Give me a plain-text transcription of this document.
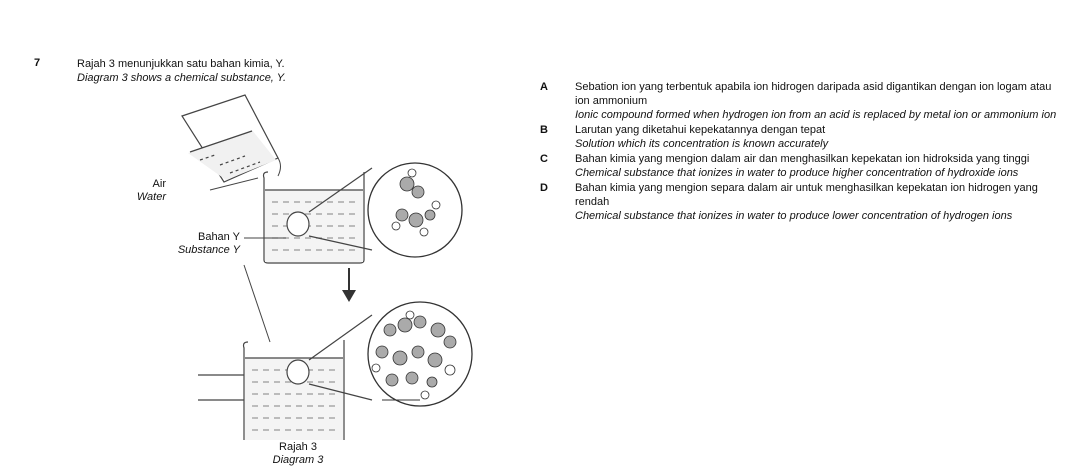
7	Rajah 3 menunjukkan satu bahan kimia, Y.
Diagram 3 shows a chemical substance, Y.
Air
Water
Bahan Y
Substance Y
Rajah 3
Diagram 3
A	Sebation ion yang terbentuk apabila ion hidrogen daripada asid digantikan dengan ion logam atau ion ammonium
Ionic compound formed when hydrogen ion from an acid is replaced by metal ion or ammonium ion
B	Larutan yang diketahui kepekatannya dengan tepat
Solution which its concentration is known accurately
C	Bahan kimia yang mengion dalam air dan menghasilkan kepekatan ion hidroksida yang tinggi
Chemical substance that ionizes in water to produce higher concentration of hydroxide ions
D	Bahan kimia yang mengion separa dalam air untuk menghasilkan kepekatan ion hidrogen yang rendah
Chemical substance that ionizes in water to produce lower concentration of hydrogen ions
